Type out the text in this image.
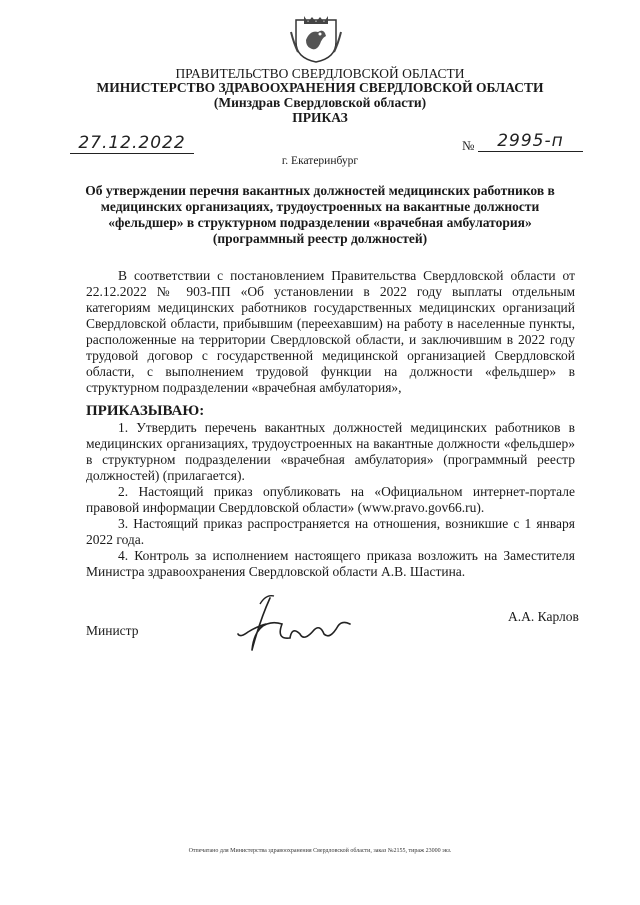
ПРАВИТЕЛЬСТВО СВЕРДЛОВСКОЙ ОБЛАСТИ
МИНИСТЕРСТВО ЗДРАВООХРАНЕНИЯ СВЕРДЛОВСКОЙ ОБЛАСТИ
(Минздрав Свердловской области)
ПРИКАЗ
27.12.2022	№	2995-п
г. Екатеринбург
Об утверждении перечня вакантных должностей медицинских работников в медицинских организациях, трудоустроенных на вакантные должности «фельдшер» в структурном подразделении «врачебная амбулатория» (программный реестр должностей)
В соответствии с постановлением Правительства Свердловской области от 22.12.2022 № 903-ПП «Об установлении в 2022 году выплаты отдельным категориям медицинских работников государственных медицинских организаций Свердловской области, прибывшим (переехавшим) на работу в населенные пункты, расположенные на территории Свердловской области, и заключившим в 2022 году трудовой договор с государственной медицинской организацией Свердловской области, с выполнением трудовой функции на должности «фельдшер» в структурном подразделении «врачебная амбулатория»,
ПРИКАЗЫВАЮ:
1. Утвердить перечень вакантных должностей медицинских работников в медицинских организациях, трудоустроенных на вакантные должности «фельдшер» в структурном подразделении «врачебная амбулатория» (программный реестр должностей) (прилагается).
2. Настоящий приказ опубликовать на «Официальном интернет-портале правовой информации Свердловской области» (www.pravo.gov66.ru).
3. Настоящий приказ распространяется на отношения, возникшие с 1 января 2022 года.
4. Контроль за исполнением настоящего приказа возложить на Заместителя Министра здравоохранения Свердловской области А.В. Шастина.
Министр
А.А. Карлов
Отпечатано для Министерства здравоохранения Свердловской области, заказ №2155, тираж 23000 экз.
